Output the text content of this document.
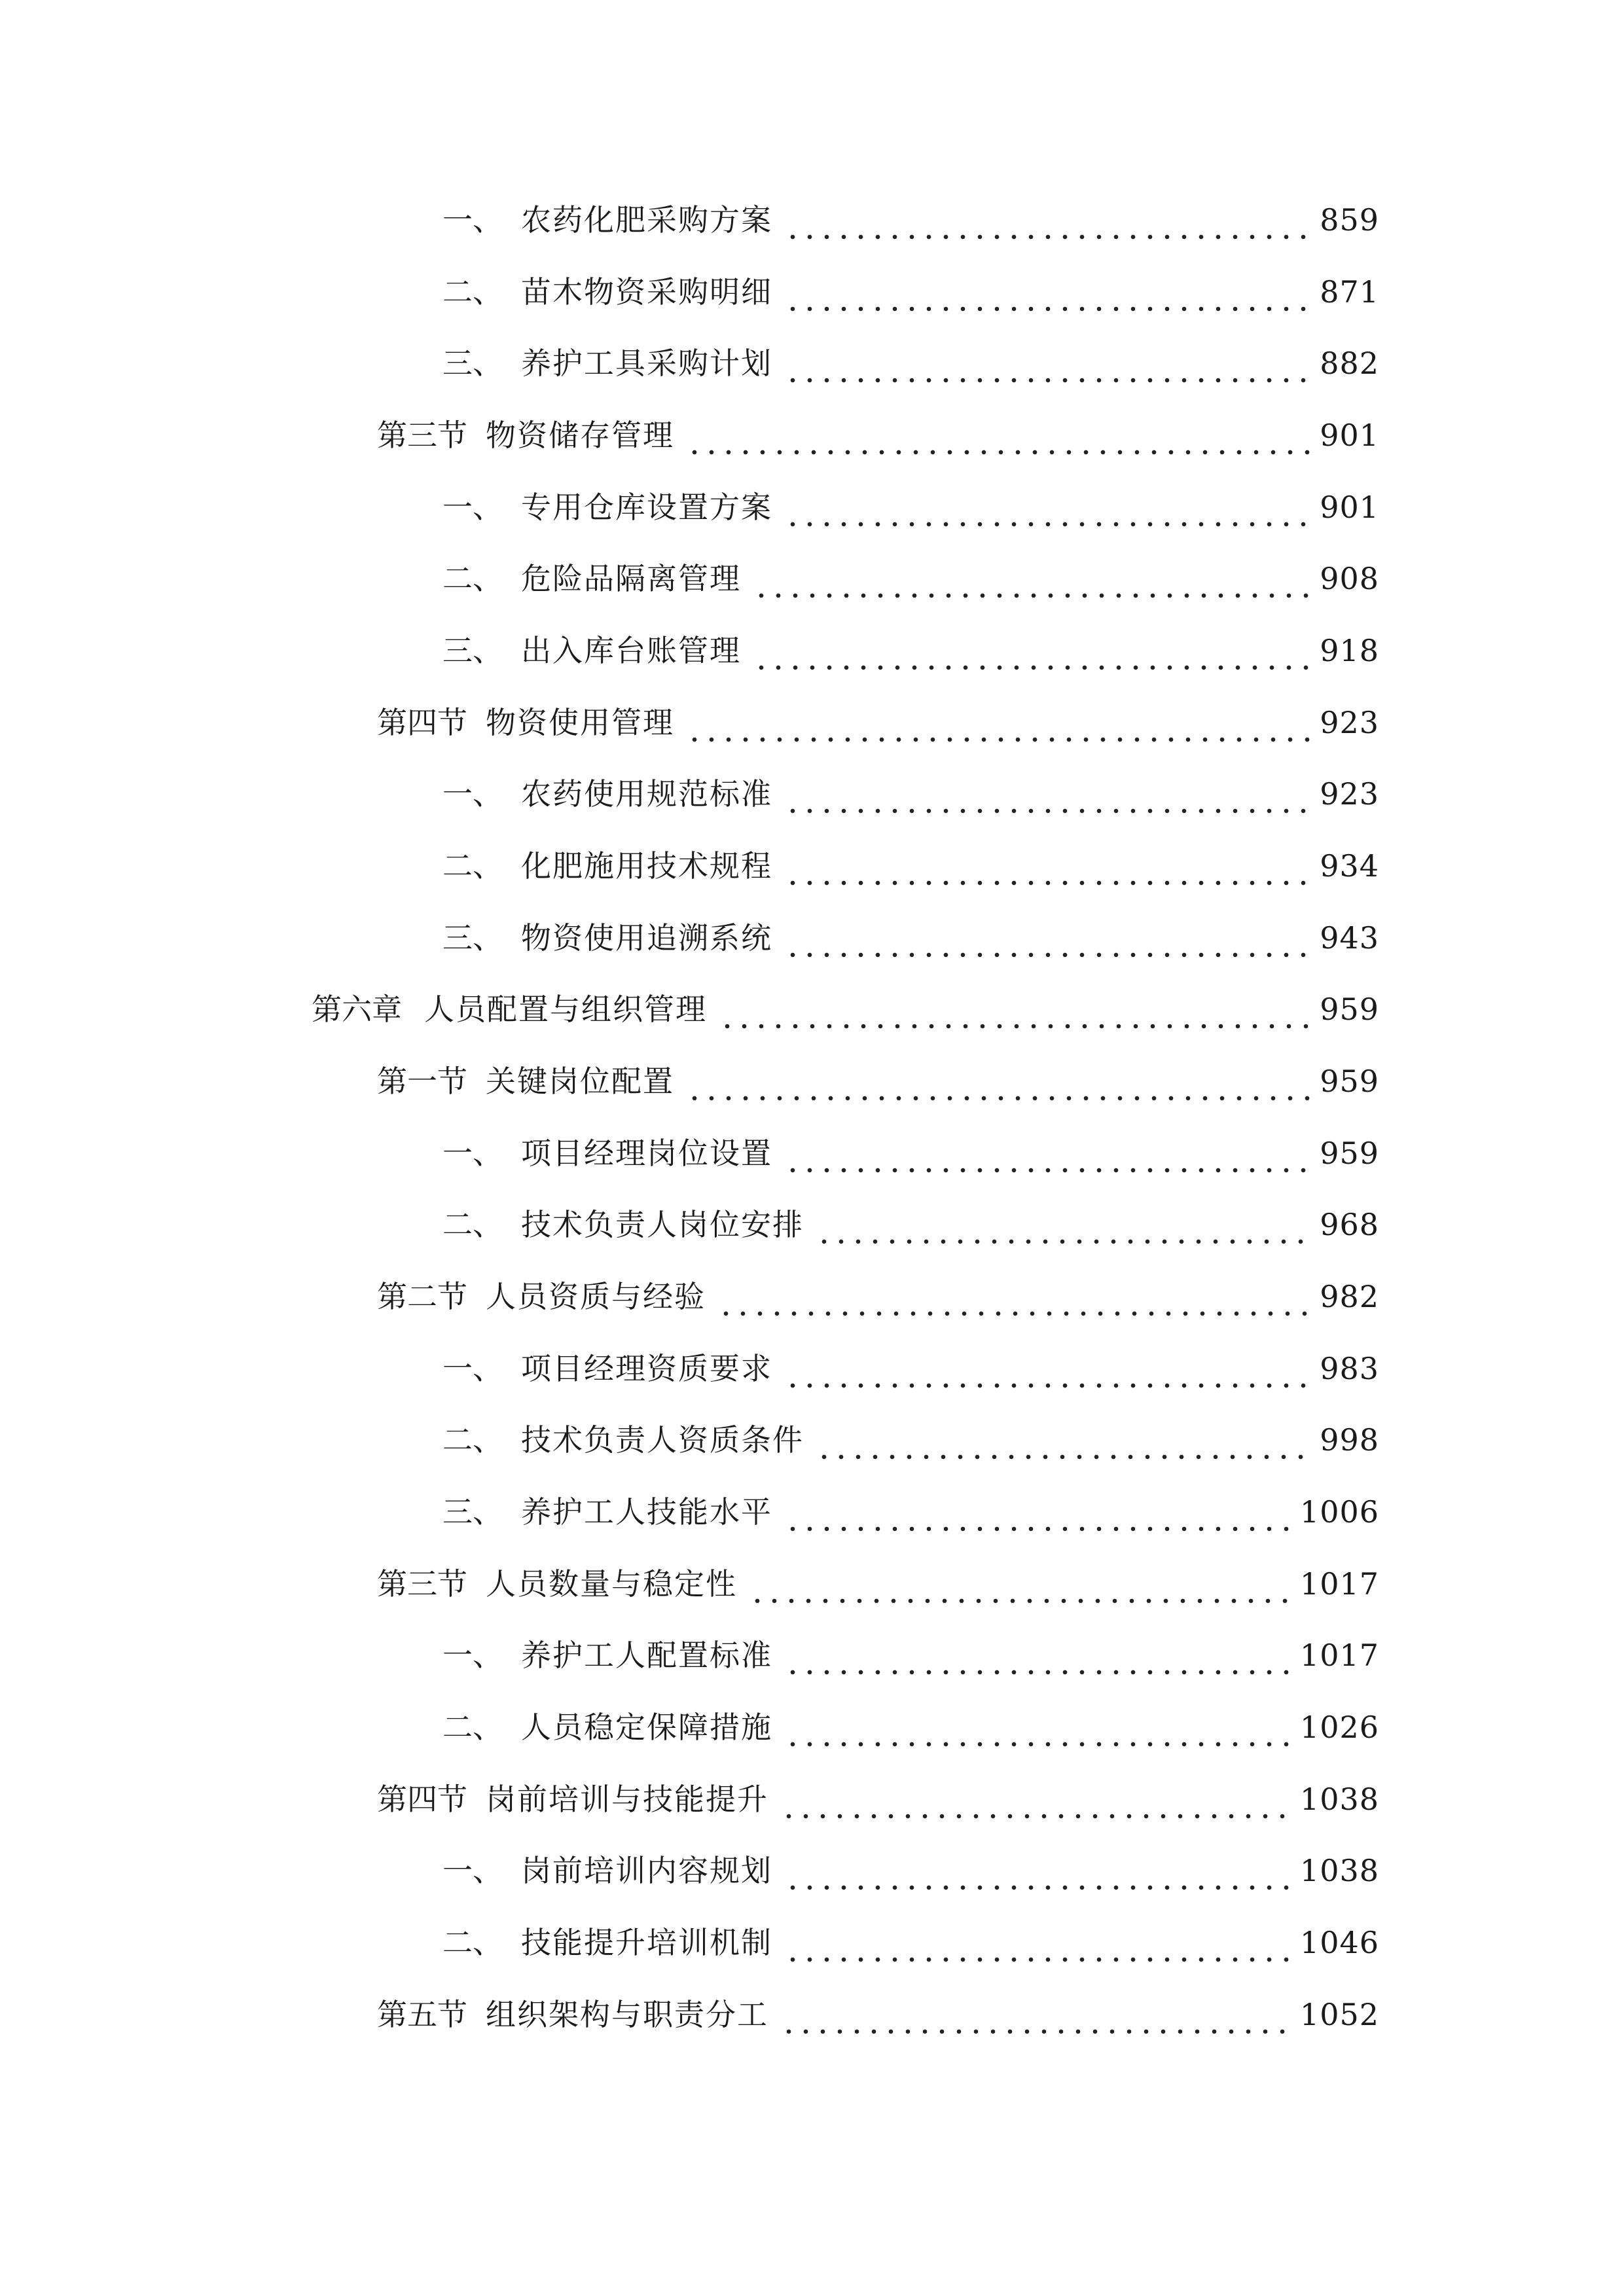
一、 农药化肥采购方案	859
二、 苗木物资采购明细	871
三、 养护工具采购计划	882
第三节 物资储存管理	901
一、 专用仓库设置方案	901
二、 危险品隔离管理	908
三、 出入库台账管理	918
第四节 物资使用管理	923
一、 农药使用规范标准	923
二、 化肥施用技术规程	934
三、 物资使用追溯系统	943
第六章 人员配置与组织管理	959
第一节 关键岗位配置	959
一、 项目经理岗位设置	959
二、 技术负责人岗位安排	968
第二节 人员资质与经验	982
一、 项目经理资质要求	983
二、 技术负责人资质条件	998
三、 养护工人技能水平	1006
第三节 人员数量与稳定性	1017
一、 养护工人配置标准	1017
二、 人员稳定保障措施	1026
第四节 岗前培训与技能提升	1038
一、 岗前培训内容规划	1038
二、 技能提升培训机制	1046
第五节 组织架构与职责分工	1052
